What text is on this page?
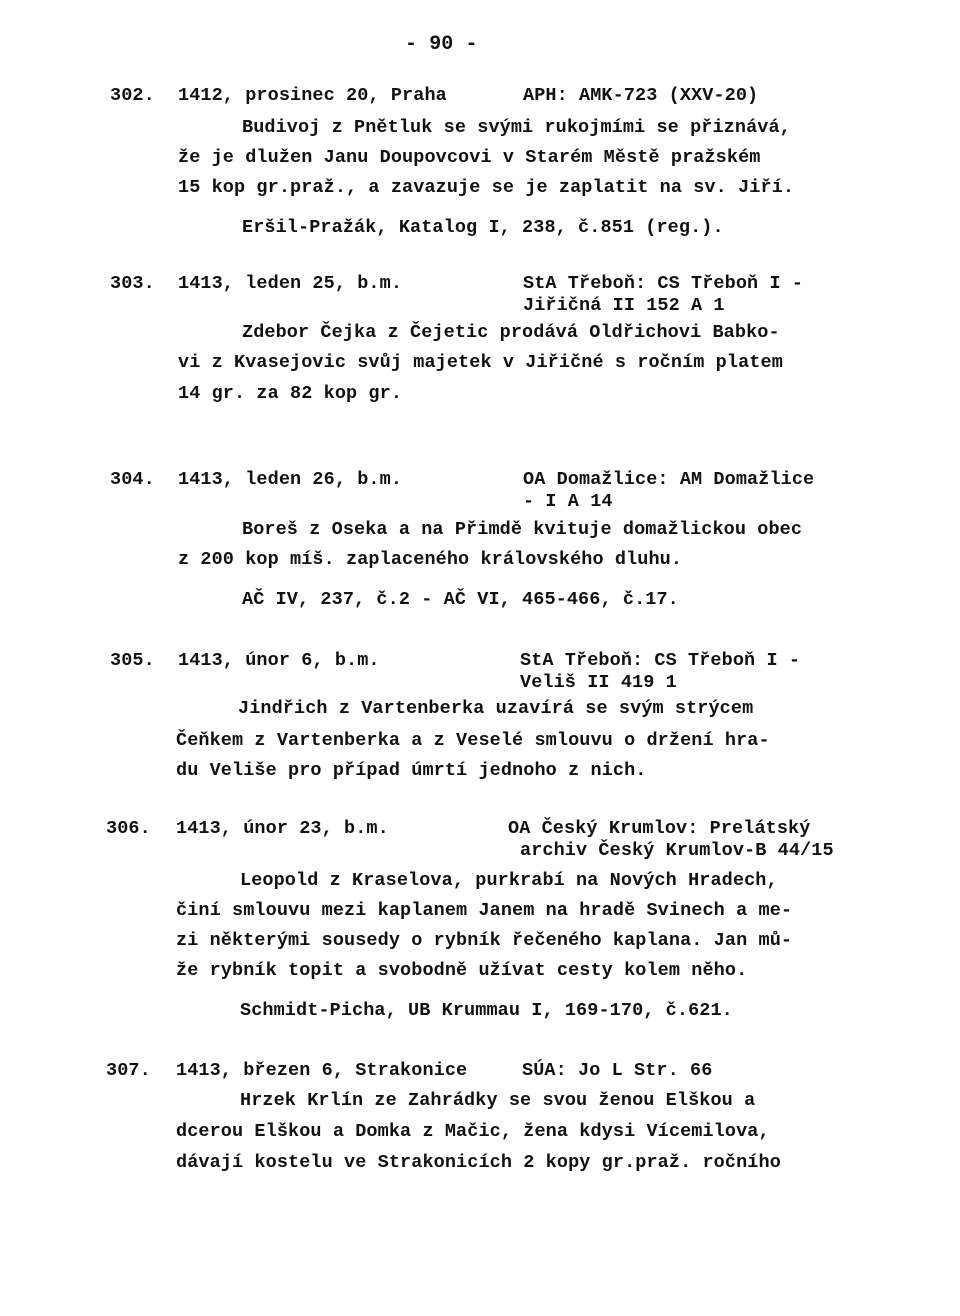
- 90 -
302. 1412, prosinec 20, Praha	APH: AMK-723 (XXV-20)
Budivoj z Pnětluk se svými rukojmími se přiznává,
že je dlužen Janu Doupovcovi v Starém Městě pražském
15 kop gr.praž., a zavazuje se je zaplatit na sv. Jiří.
Eršil-Pražák, Katalog I, 238, č.851 (reg.).
303. 1413, leden 25, b.m.	StA Třeboň: CS Třeboň I -
Jiřičná II 152 A 1
Zdebor Čejka z Čejetic prodává Oldřichovi Babko-
vi z Kvasejovic svůj majetek v Jiřičné s ročním platem
14 gr. za 82 kop gr.
304. 1413, leden 26, b.m.	OA Domažlice: AM Domažlice
- I A 14
Boreš z Oseka a na Přimdě kvituje domažlickou obec
z 200 kop míš. zaplaceného královského dluhu.
AČ IV, 237, č.2 - AČ VI, 465-466, č.17.
305. 1413, únor 6, b.m.	StA Třeboň: CS Třeboň I -
Veliš II 419 1
Jindřich z Vartenberka uzavírá se svým strýcem
Čeňkem z Vartenberka a z Veselé smlouvu o držení hra-
du Veliše pro případ úmrtí jednoho z nich.
306. 1413, únor 23, b.m.	OA Český Krumlov: Prelátský
archiv Český Krumlov-B 44/15
Leopold z Kraselova, purkrabí na Nových Hradech,
činí smlouvu mezi kaplanem Janem na hradě Svinech a me-
zi některými sousedy o rybník řečeného kaplana. Jan mů-
že rybník topit a svobodně užívat cesty kolem něho.
Schmidt-Picha, UB Krummau I, 169-170, č.621.
307. 1413, březen 6, Strakonice	SÚA: Jo L Str. 66
Hrzek Krlín ze Zahrádky se svou ženou Elškou a
dcerou Elškou a Domka z Mačic, žena kdysi Vícemilova,
dávají kostelu ve Strakonicích 2 kopy gr.praž. ročního
